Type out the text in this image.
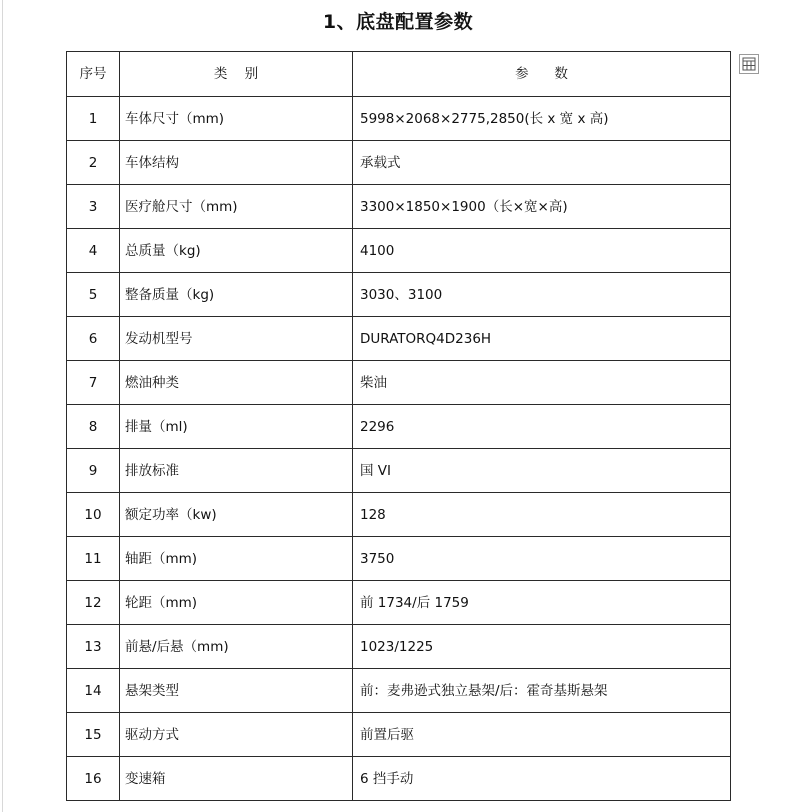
1、底盘配置参数
序号	类    别	参      数
1	车体尺寸（mm)	5998×2068×2775,2850(长 x 宽 x 高)
2	车体结构	承载式
3	医疗舱尺寸（mm)	3300×1850×1900（长×宽×高)
4	总质量（kg)	4100
5	整备质量（kg)	3030、3100
6	发动机型号	DURATORQ4D236H
7	燃油种类	柴油
8	排量（ml)	2296
9	排放标准	国 VI
10	额定功率（kw)	128
11	轴距（mm)	3750
12	轮距（mm)	前 1734/后 1759
13	前悬/后悬（mm)	1023/1225
14	悬架类型	前：麦弗逊式独立悬架/后：霍奇基斯悬架
15	驱动方式	前置后驱
16	变速箱	6 挡手动
